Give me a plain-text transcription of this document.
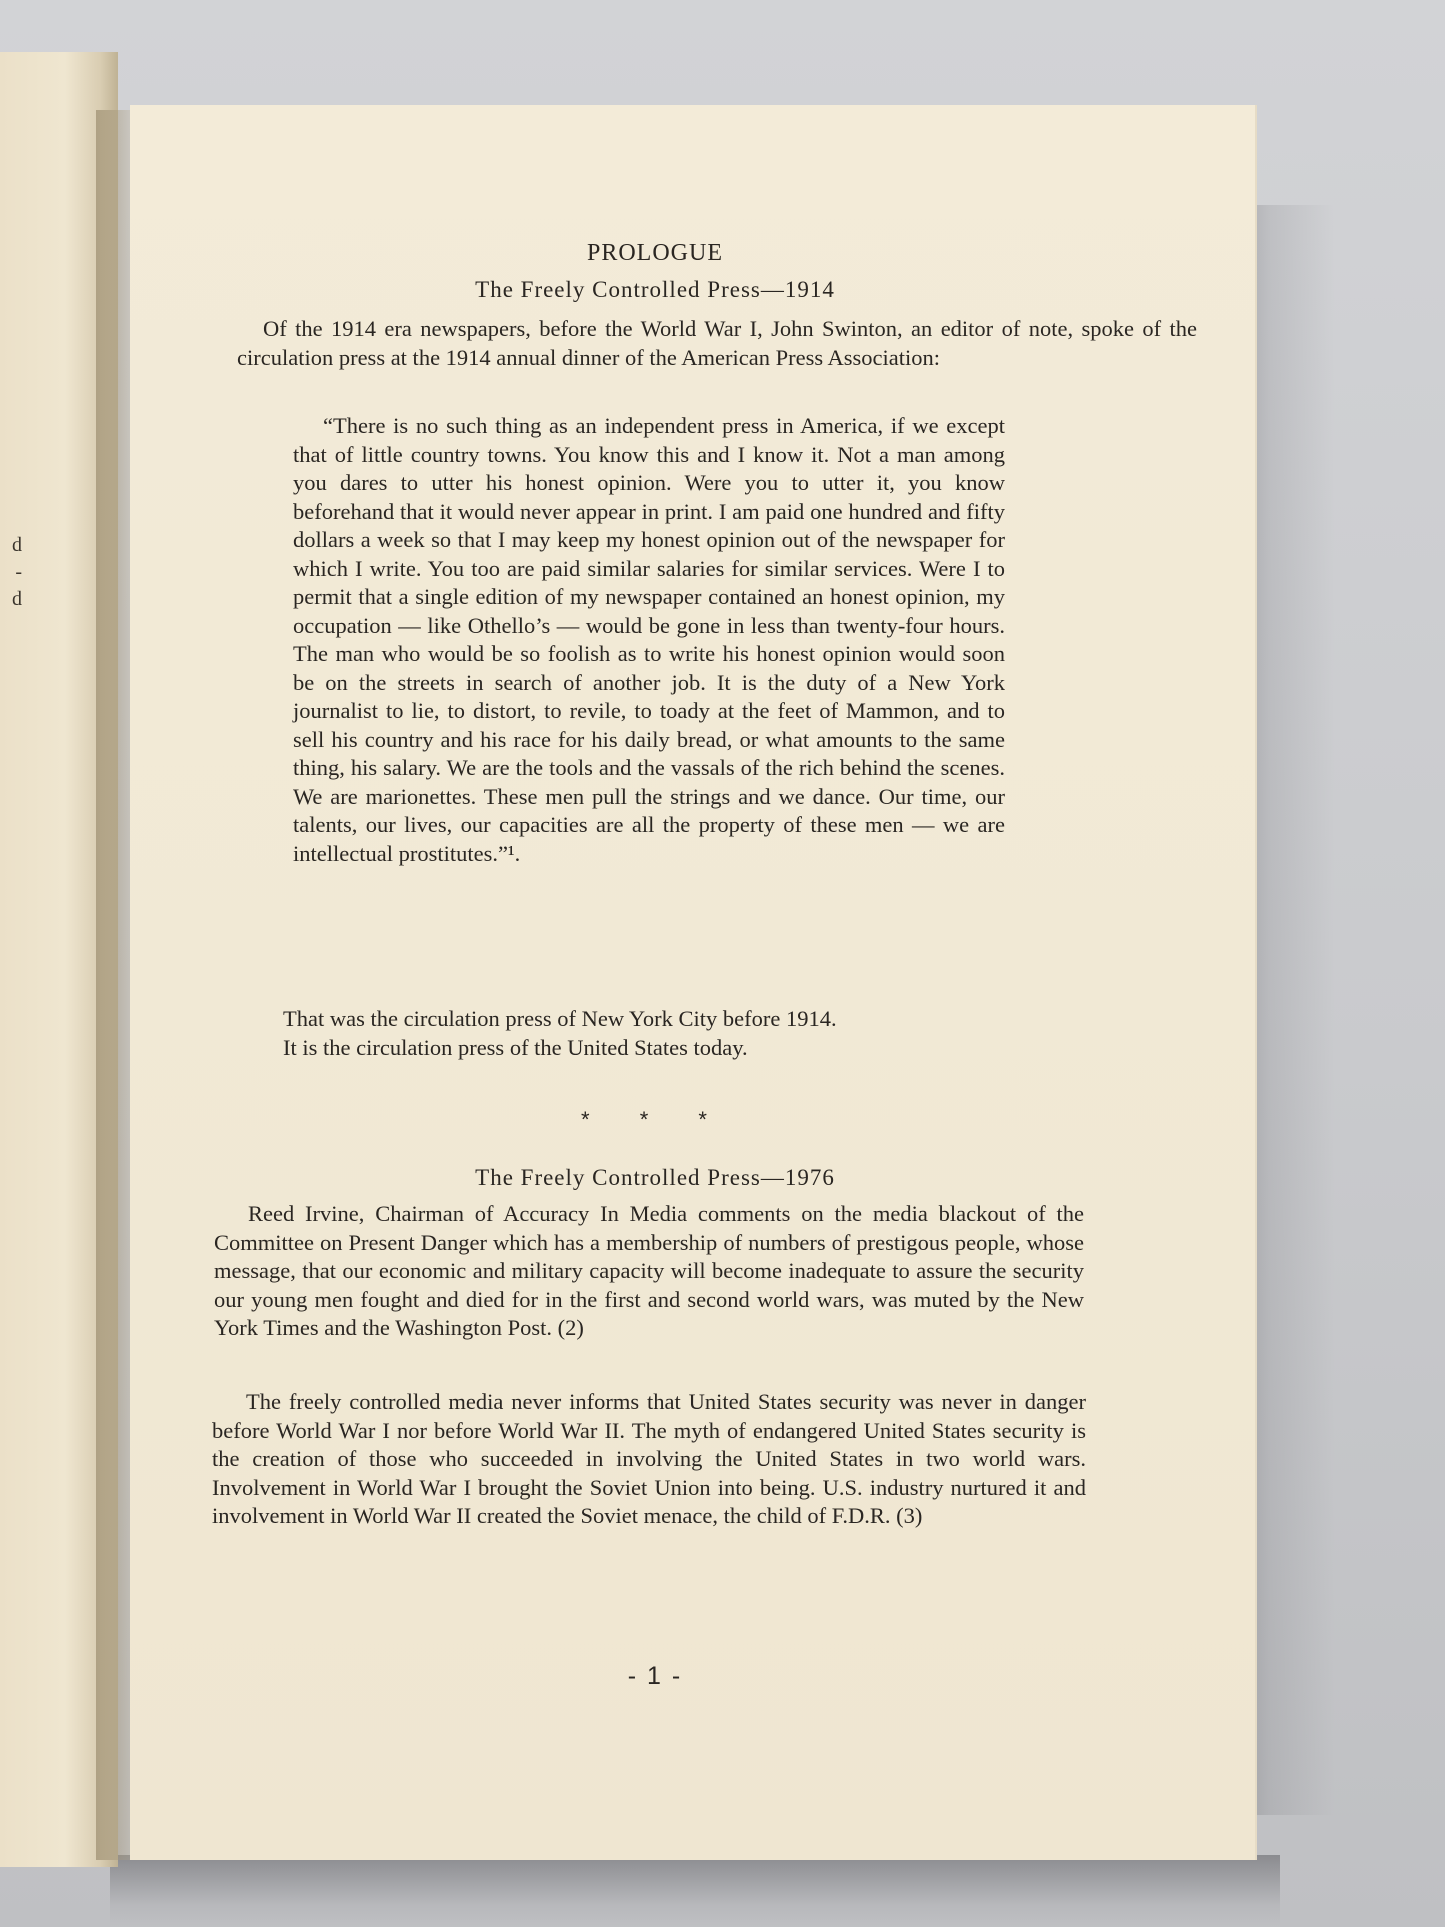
d
-
d
PROLOGUE
The Freely Controlled Press—1914

Of the 1914 era newspapers, before the World War I, John Swinton, an editor of note, spoke of the circulation press at the 1914 annual dinner of the American Press Association:

“There is no such thing as an independent press in America, if we except that of little country towns. You know this and I know it. Not a man among you dares to utter his honest opinion. Were you to utter it, you know beforehand that it would never appear in print. I am paid one hundred and fifty dollars a week so that I may keep my honest opinion out of the newspaper for which I write. You too are paid similar salaries for similar services. Were I to permit that a single edition of my newspaper contained an honest opinion, my occupation — like Othello’s — would be gone in less than twenty-four hours. The man who would be so foolish as to write his honest opinion would soon be on the streets in search of another job. It is the duty of a New York journalist to lie, to distort, to revile, to toady at the feet of Mammon, and to sell his country and his race for his daily bread, or what amounts to the same thing, his salary. We are the tools and the vassals of the rich behind the scenes. We are marionettes. These men pull the strings and we dance. Our time, our talents, our lives, our capacities are all the property of these men — we are intellectual prostitutes.”¹.

That was the circulation press of New York City before 1914.
It is the circulation press of the United States today.
* * *
The Freely Controlled Press—1976

Reed Irvine, Chairman of Accuracy In Media comments on the media blackout of the Committee on Present Danger which has a membership of numbers of prestigous people, whose message, that our economic and military capacity will become inadequate to assure the security our young men fought and died for in the first and second world wars, was muted by the New York Times and the Washington Post. (2)

The freely controlled media never informs that United States security was never in danger before World War I nor before World War II. The myth of endangered United States security is the creation of those who succeeded in involving the United States in two world wars. Involvement in World War I brought the Soviet Union into being. U.S. industry nurtured it and involvement in World War II created the Soviet menace, the child of F.D.R. (3)

- 1 -
